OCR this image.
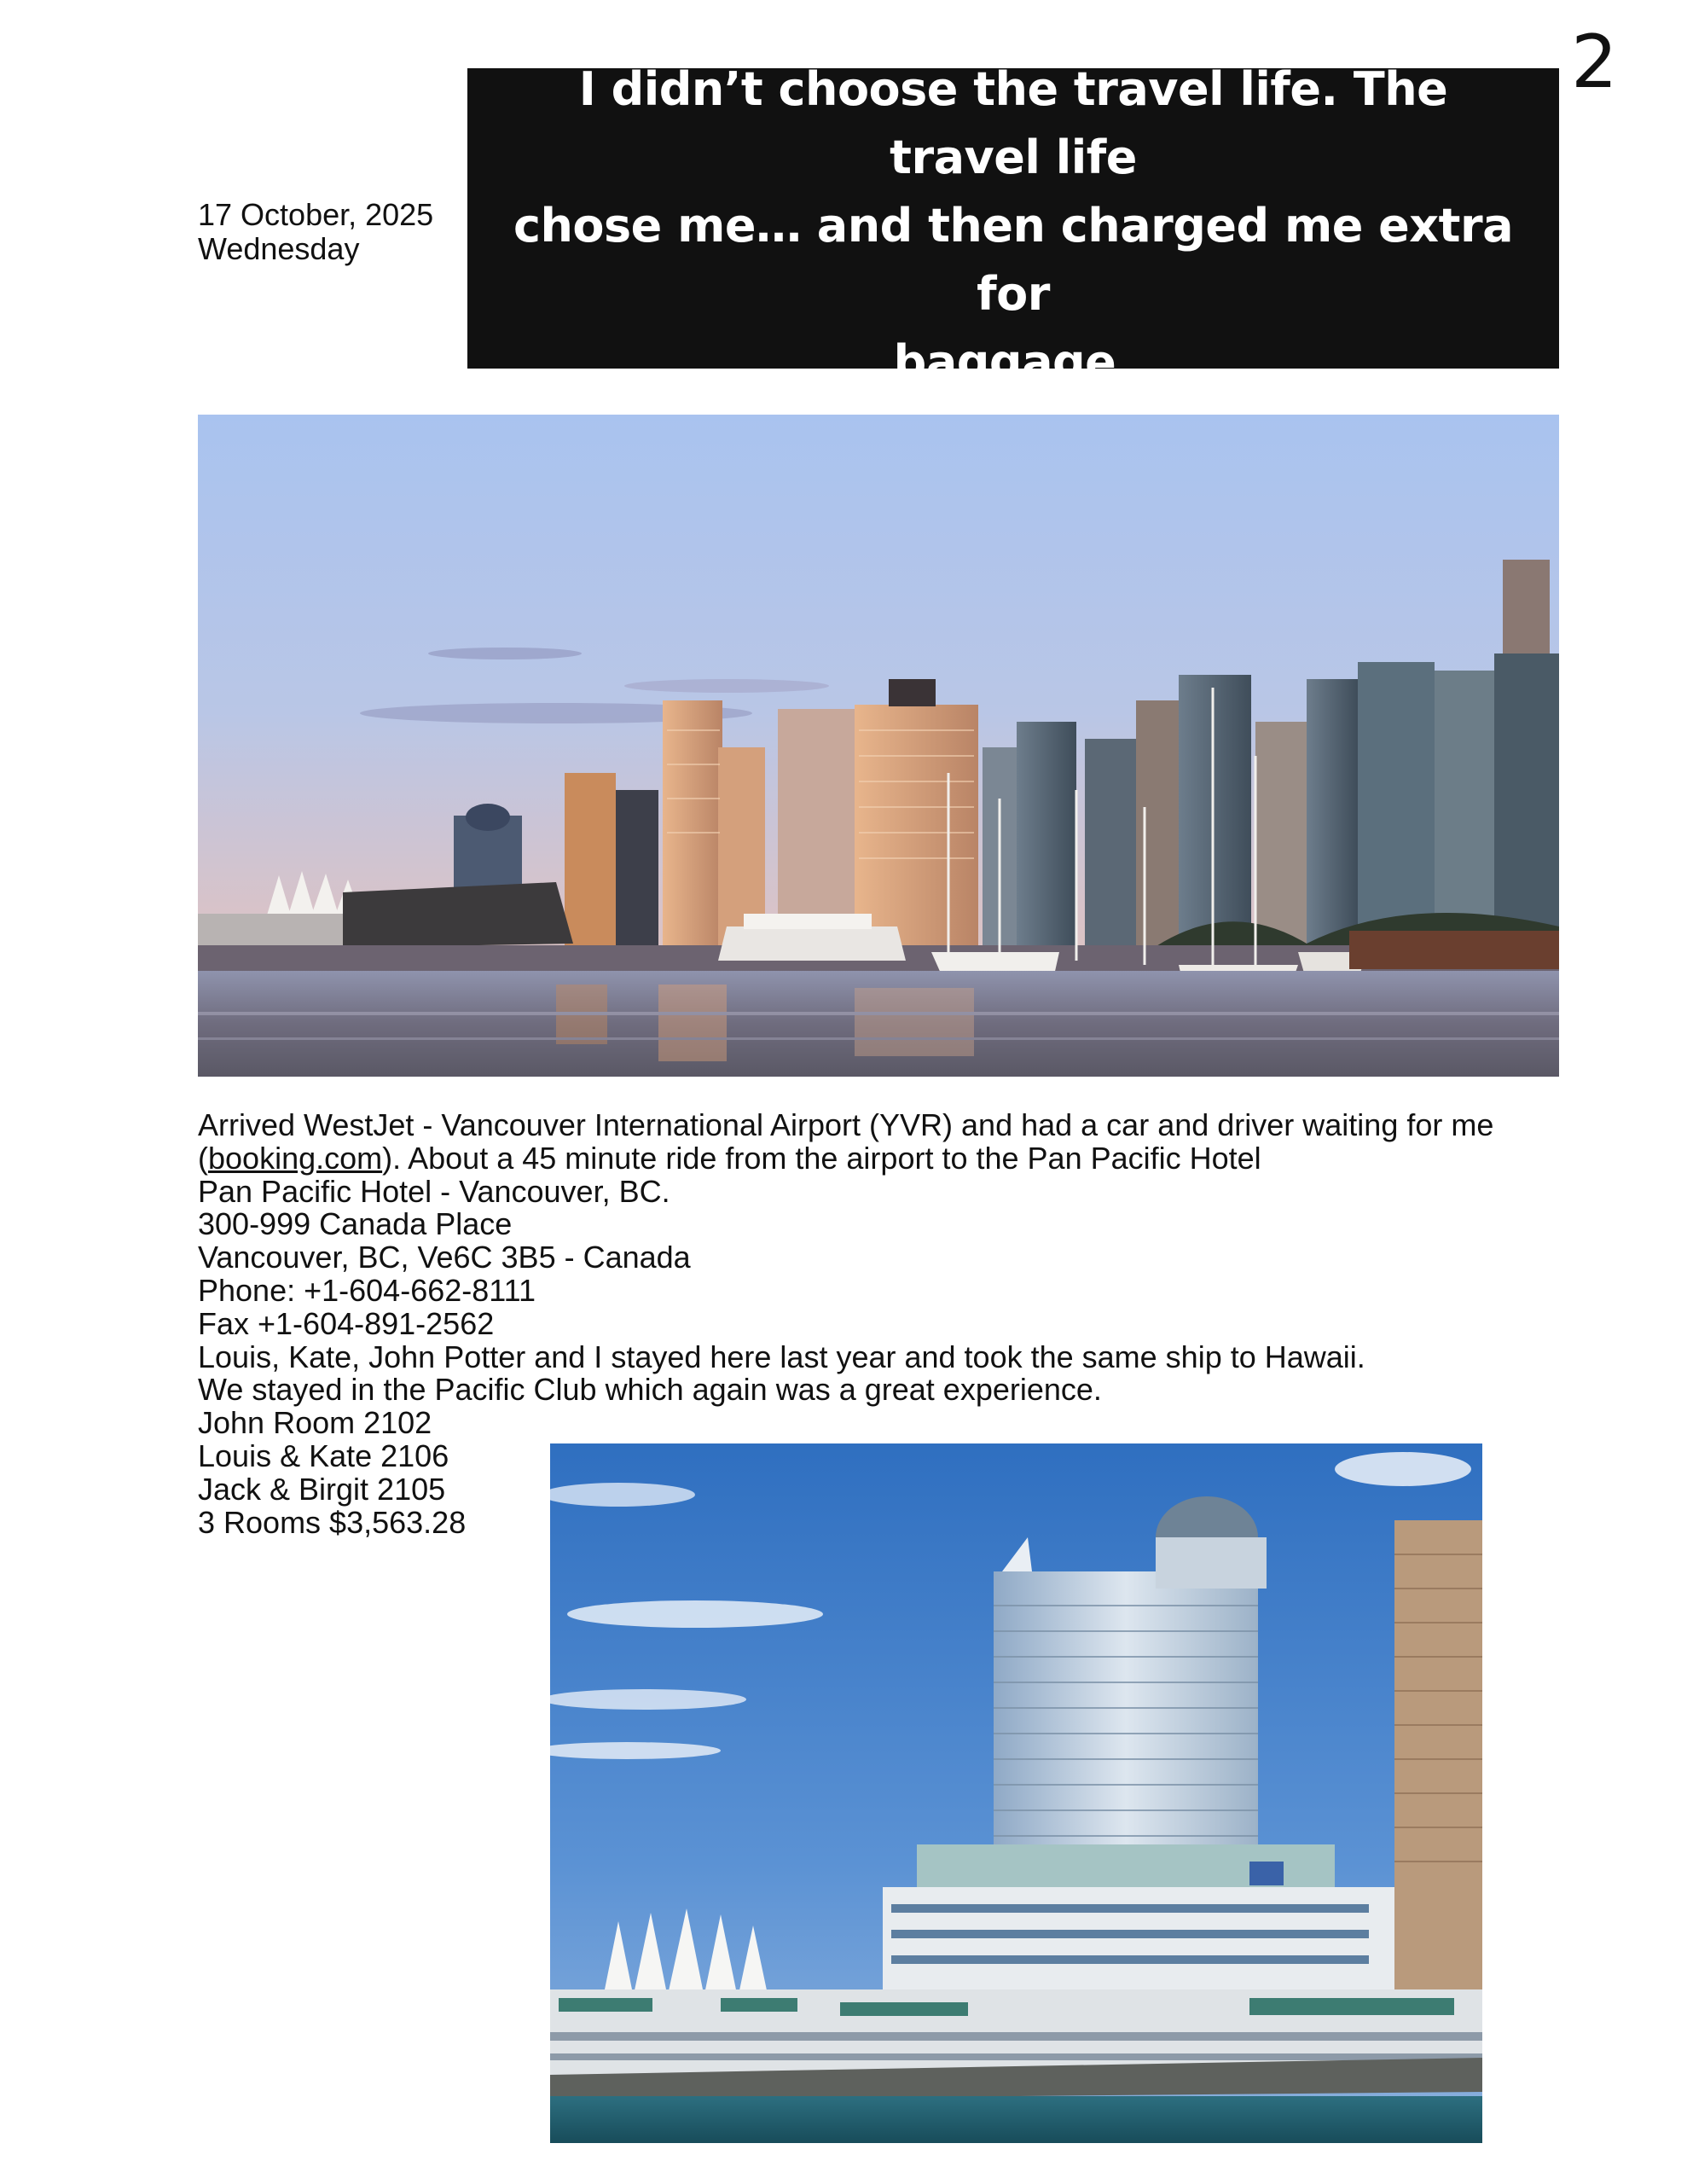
2
17 October, 2025
Wednesday
I didn’t choose the travel life. The travel life
chose me… and then charged me extra for
baggage.
Arrived WestJet - Vancouver International Airport (YVR) and had a car and driver waiting for me
(booking.com). About a 45 minute ride from the airport to the Pan Pacific Hotel
Pan Pacific Hotel - Vancouver, BC.
300-999 Canada Place
Vancouver, BC, Ve6C 3B5 - Canada
Phone: +1-604-662-8111
Fax +1-604-891-2562
Louis, Kate, John Potter and I stayed here last year and took the same ship to Hawaii.
We stayed in the Pacific Club which again was a great experience.
John Room 2102
Louis & Kate 2106
Jack & Birgit 2105
3 Rooms $3,563.28
